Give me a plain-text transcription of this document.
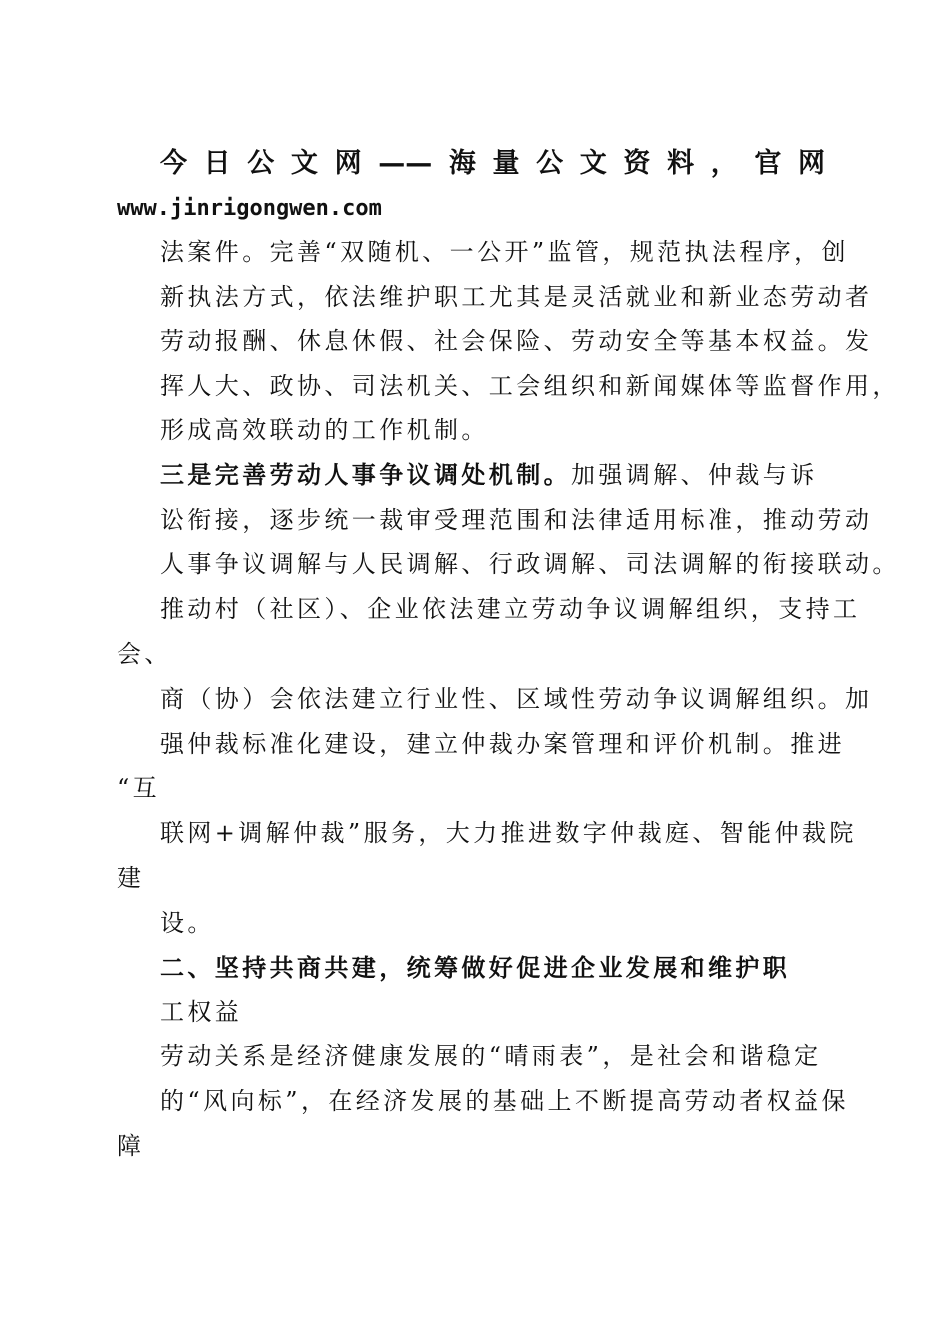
今日公文网——海量公文资料，官网
www.jinrigongwen.com
法案件。完善“双随机、一公开”监管，规范执法程序，创
新执法方式，依法维护职工尤其是灵活就业和新业态劳动者
劳动报酬、休息休假、社会保险、劳动安全等基本权益。发
挥人大、政协、司法机关、工会组织和新闻媒体等监督作用，
形成高效联动的工作机制。
三是完善劳动人事争议调处机制。加强调解、仲裁与诉
讼衔接，逐步统一裁审受理范围和法律适用标准，推动劳动
人事争议调解与人民调解、行政调解、司法调解的衔接联动。
推动村（社区）、企业依法建立劳动争议调解组织，支持工
会、
商（协）会依法建立行业性、区域性劳动争议调解组织。加
强仲裁标准化建设，建立仲裁办案管理和评价机制。推进
“互
联网+调解仲裁”服务，大力推进数字仲裁庭、智能仲裁院
建
设。
二、坚持共商共建，统筹做好促进企业发展和维护职
工权益
劳动关系是经济健康发展的“晴雨表”，是社会和谐稳定
的“风向标”，在经济发展的基础上不断提高劳动者权益保
障
